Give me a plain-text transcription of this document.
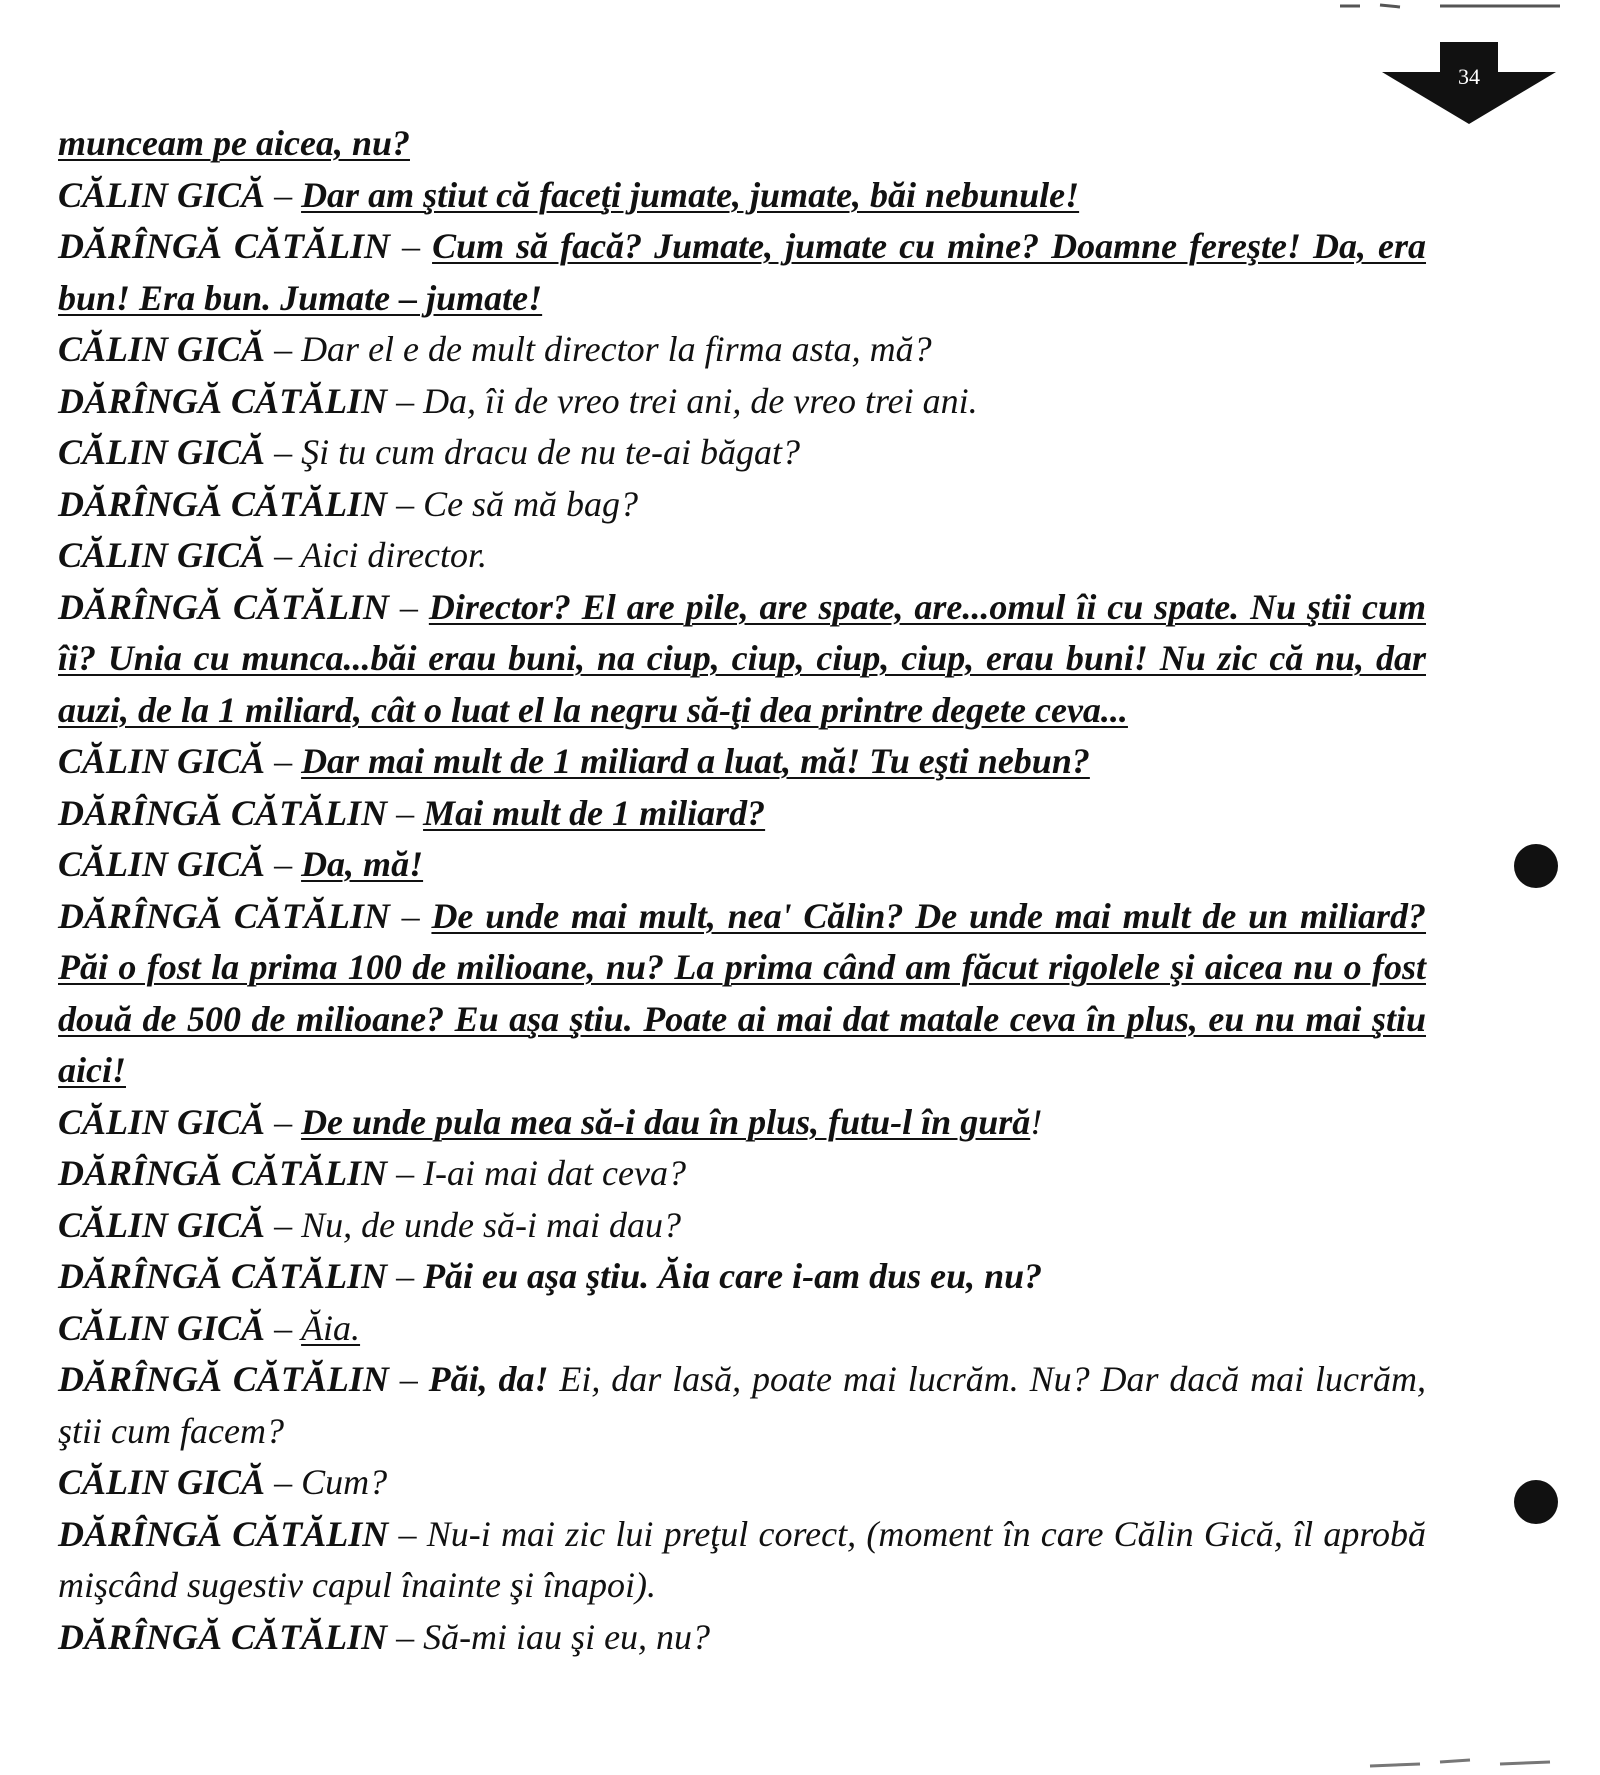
34
munceam pe aicea, nu?
CĂLIN GICĂ – Dar am ştiut că faceţi jumate, jumate, băi nebunule!
DĂRÎNGĂ CĂTĂLIN – Cum să facă? Jumate, jumate cu mine? Doamne fereşte! Da, era bun! Era bun. Jumate – jumate!
CĂLIN GICĂ – Dar el e de mult director la firma asta, mă?
DĂRÎNGĂ CĂTĂLIN – Da, îi de vreo trei ani, de vreo trei ani.
CĂLIN GICĂ – Şi tu cum dracu de nu te-ai băgat?
DĂRÎNGĂ CĂTĂLIN – Ce să mă bag?
CĂLIN GICĂ – Aici director.
DĂRÎNGĂ CĂTĂLIN – Director? El are pile, are spate, are...omul îi cu spate. Nu ştii cum îi? Unia cu munca...băi erau buni, na ciup, ciup, ciup, ciup, erau buni! Nu zic că nu, dar auzi, de la 1 miliard, cât o luat el la negru să-ţi dea printre degete ceva...
CĂLIN GICĂ – Dar mai mult de 1 miliard a luat, mă! Tu eşti nebun?
DĂRÎNGĂ CĂTĂLIN – Mai mult de 1 miliard?
CĂLIN GICĂ – Da, mă!
DĂRÎNGĂ CĂTĂLIN – De unde mai mult, nea' Călin? De unde mai mult de un miliard? Păi o fost la prima 100 de milioane, nu? La prima când am făcut rigolele şi aicea nu o fost două de 500 de milioane? Eu aşa ştiu. Poate ai mai dat matale ceva în plus, eu nu mai ştiu aici!
CĂLIN GICĂ – De unde pula mea să-i dau în plus, futu-l în gură!
DĂRÎNGĂ CĂTĂLIN – I-ai mai dat ceva?
CĂLIN GICĂ – Nu, de unde să-i mai dau?
DĂRÎNGĂ CĂTĂLIN – Păi eu aşa ştiu. Ăia care i-am dus eu, nu?
CĂLIN GICĂ – Ăia.
DĂRÎNGĂ CĂTĂLIN – Păi, da! Ei, dar lasă, poate mai lucrăm. Nu? Dar dacă mai lucrăm, ştii cum facem?
CĂLIN GICĂ – Cum?
DĂRÎNGĂ CĂTĂLIN – Nu-i mai zic lui preţul corect, (moment în care Călin Gică, îl aprobă mişcând sugestiv capul înainte şi înapoi).
DĂRÎNGĂ CĂTĂLIN – Să-mi iau şi eu, nu?
